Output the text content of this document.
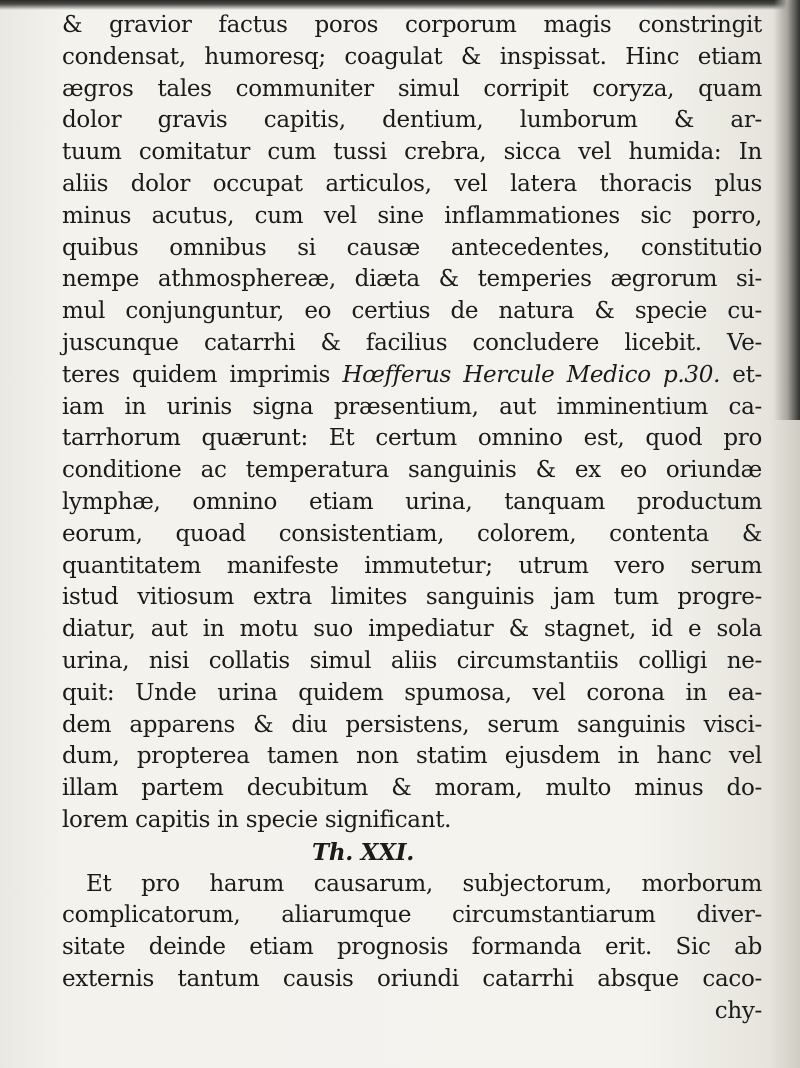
& gravior factus poros corporum magis constringit
condensat, humoresq; coagulat & inspissat. Hinc etiam
ægros tales communiter simul corripit coryza, quam
dolor gravis capitis, dentium, lumborum & ar-
tuum comitatur cum tussi crebra, sicca vel humida: In
aliis dolor occupat articulos, vel latera thoracis plus
minus acutus, cum vel sine inflammationes sic porro,
quibus omnibus si causæ antecedentes, constitutio
nempe athmosphereæ, diæta & temperies ægrorum si-
mul conjunguntur, eo certius de natura & specie cu-
juscunque catarrhi & facilius concludere licebit. Ve-
teres quidem imprimis Hœfferus Hercule Medico p.30. et-
iam in urinis signa præsentium, aut imminentium ca-
tarrhorum quærunt: Et certum omnino est, quod pro
conditione ac temperatura sanguinis & ex eo oriundæ
lymphæ, omnino etiam urina, tanquam productum
eorum, quoad consistentiam, colorem, contenta &
quantitatem manifeste immutetur; utrum vero serum
istud vitiosum extra limites sanguinis jam tum progre-
diatur, aut in motu suo impediatur & stagnet, id e sola
urina, nisi collatis simul aliis circumstantiis colligi ne-
quit: Unde urina quidem spumosa, vel corona in ea-
dem apparens & diu persistens, serum sanguinis visci-
dum, propterea tamen non statim ejusdem in hanc vel
illam partem decubitum & moram, multo minus do-
lorem capitis in specie significant.
Th. XXI.
Et pro harum causarum, subjectorum, morborum
complicatorum, aliarumque circumstantiarum diver-
sitate deinde etiam prognosis formanda erit. Sic ab
externis tantum causis oriundi catarrhi absque caco-
chy-
